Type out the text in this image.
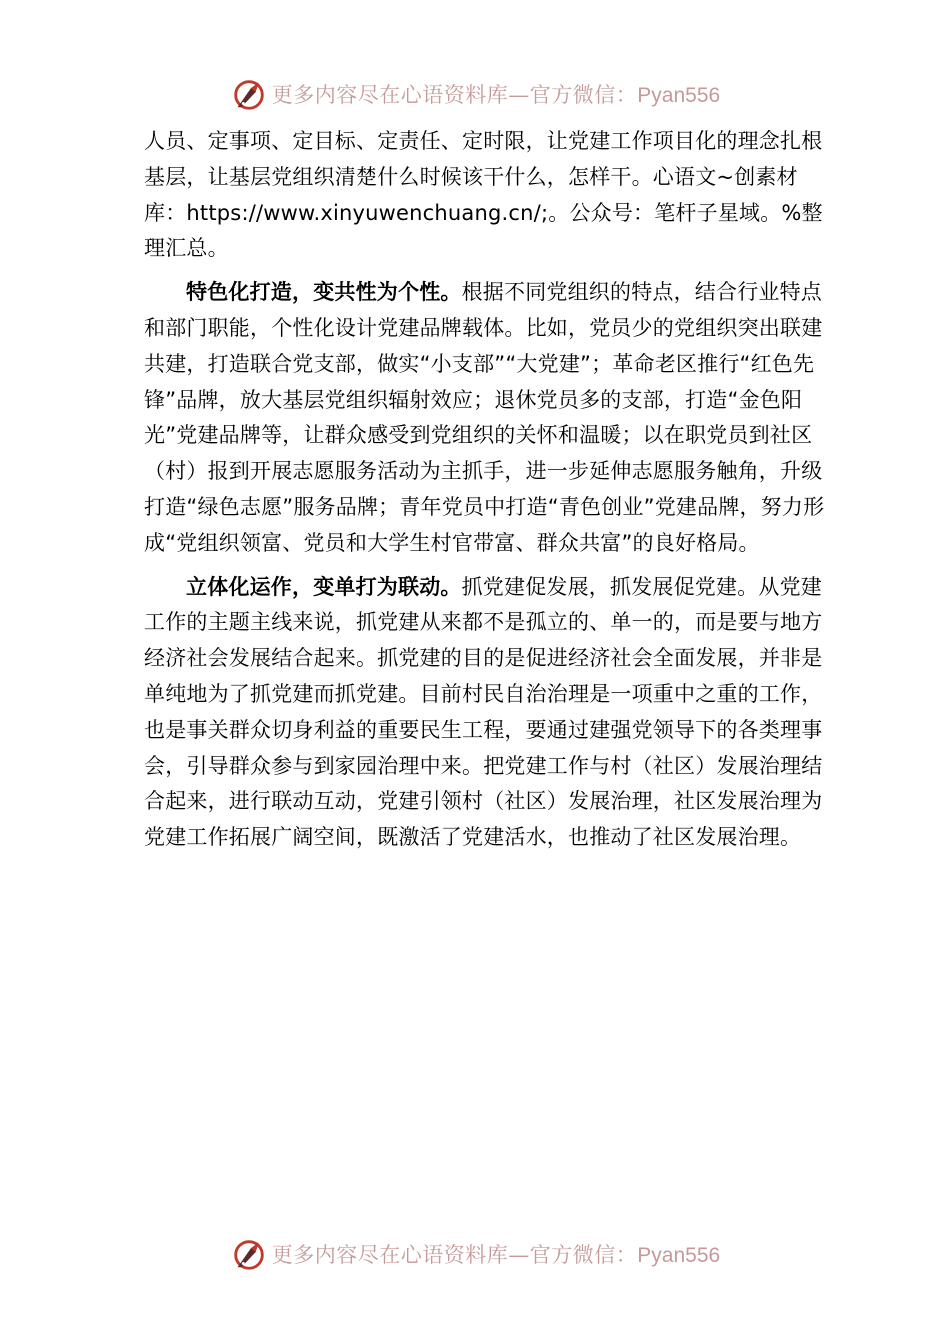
更多内容尽在心语资料库—官方微信：Pyan556

人员、定事项、定目标、定责任、定时限，让党建工作项目化的理念扎根基层，让基层党组织清楚什么时候该干什么，怎样干。心语文~创素材库：https://www.xinyuwenchuang.cn/;。公众号：笔杆子星域。%整理汇总。

特色化打造，变共性为个性。根据不同党组织的特点，结合行业特点和部门职能，个性化设计党建品牌载体。比如，党员少的党组织突出联建共建，打造联合党支部，做实“小支部”“大党建”；革命老区推行“红色先锋”品牌，放大基层党组织辐射效应；退休党员多的支部，打造“金色阳光”党建品牌等，让群众感受到党组织的关怀和温暖；以在职党员到社区（村）报到开展志愿服务活动为主抓手，进一步延伸志愿服务触角，升级打造“绿色志愿”服务品牌；青年党员中打造“青色创业”党建品牌，努力形成“党组织领富、党员和大学生村官带富、群众共富”的良好格局。

立体化运作，变单打为联动。抓党建促发展，抓发展促党建。从党建工作的主题主线来说，抓党建从来都不是孤立的、单一的，而是要与地方经济社会发展结合起来。抓党建的目的是促进经济社会全面发展，并非是单纯地为了抓党建而抓党建。目前村民自治治理是一项重中之重的工作，也是事关群众切身利益的重要民生工程，要通过建强党领导下的各类理事会，引导群众参与到家园治理中来。把党建工作与村（社区）发展治理结合起来，进行联动互动，党建引领村（社区）发展治理，社区发展治理为党建工作拓展广阔空间，既激活了党建活水，也推动了社区发展治理。

更多内容尽在心语资料库—官方微信：Pyan556
